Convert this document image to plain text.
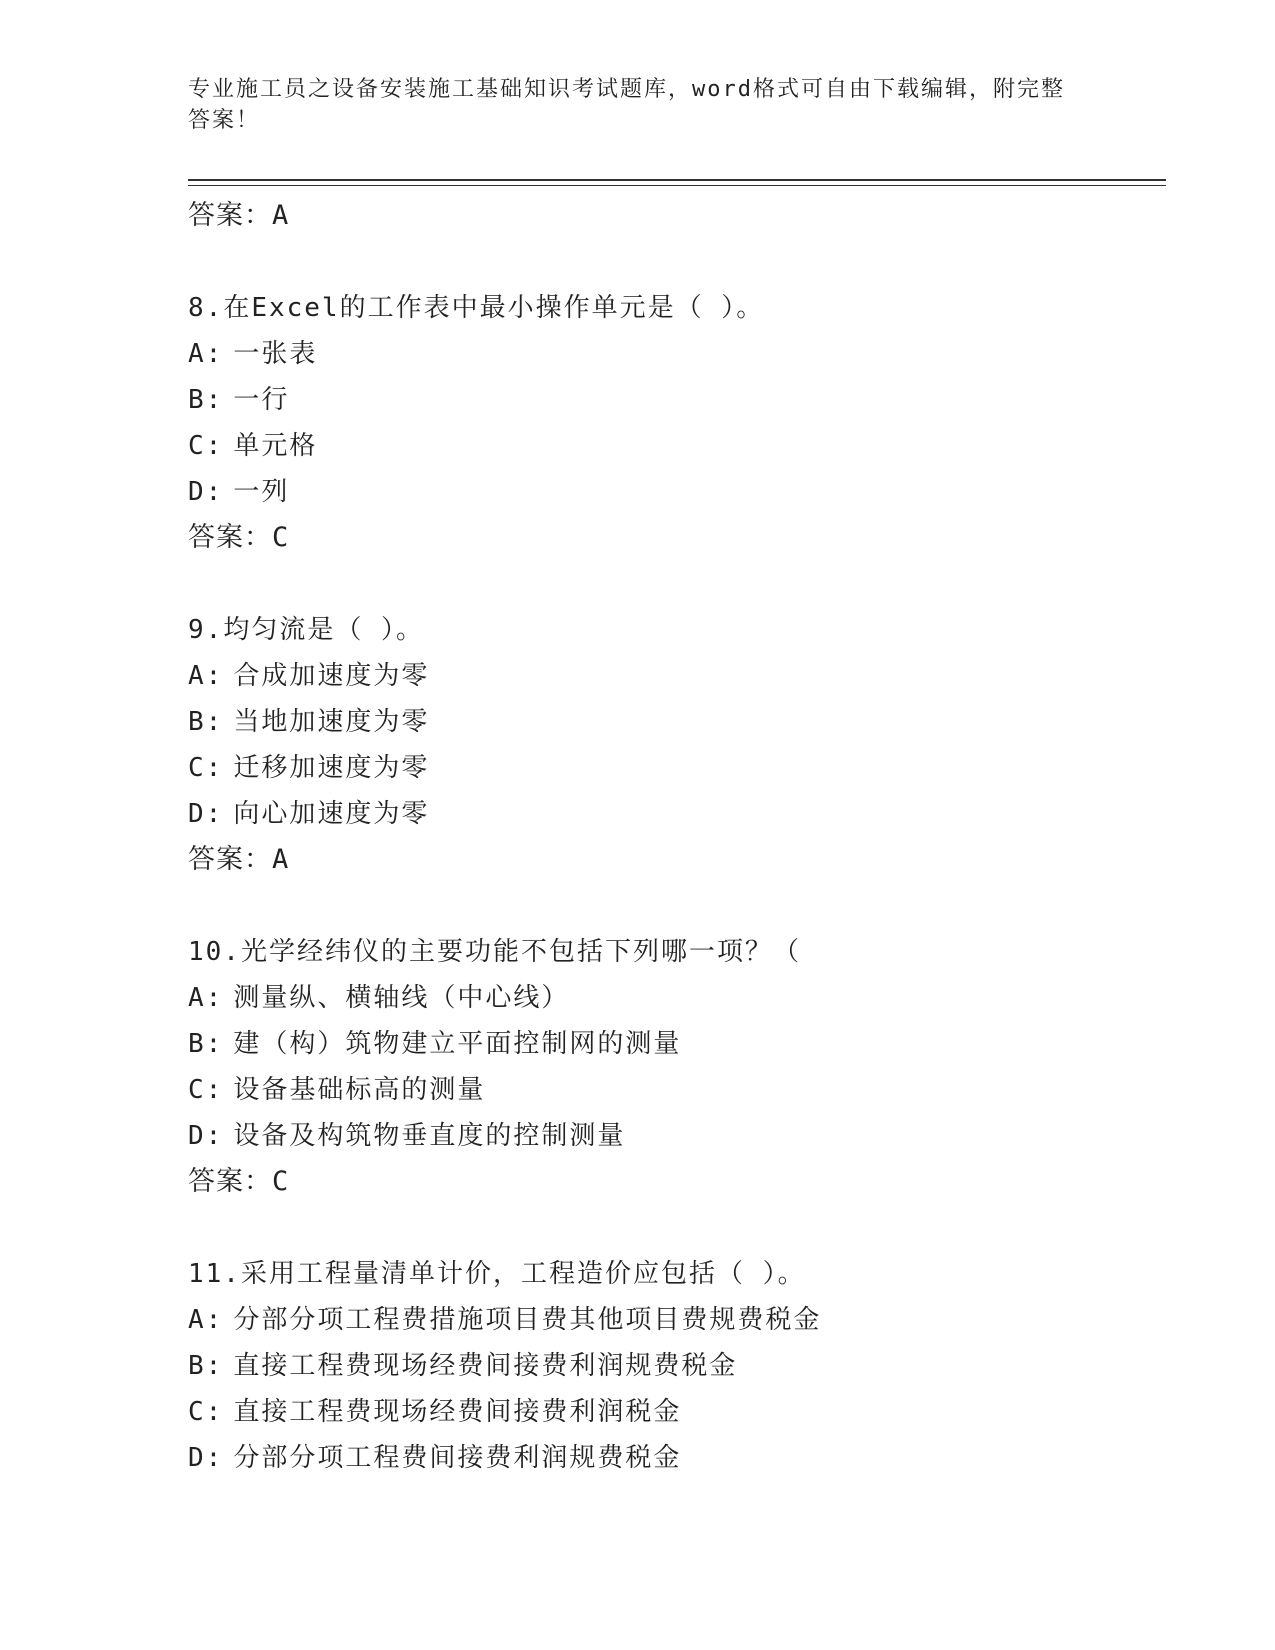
专业施工员之设备安装施工基础知识考试题库，word格式可自由下载编辑，附完整答案！
答案：A
8.在Excel的工作表中最小操作单元是（ ）。
A: 一张表
B: 一行
C: 单元格
D: 一列
答案：C
9.均匀流是（ ）。
A: 合成加速度为零
B: 当地加速度为零
C: 迁移加速度为零
D: 向心加速度为零
答案：A
10.光学经纬仪的主要功能不包括下列哪一项？（
A: 测量纵、横轴线（中心线）
B: 建（构）筑物建立平面控制网的测量
C: 设备基础标高的测量
D: 设备及构筑物垂直度的控制测量
答案：C
11.采用工程量清单计价，工程造价应包括（ ）。
A: 分部分项工程费措施项目费其他项目费规费税金
B: 直接工程费现场经费间接费利润规费税金
C: 直接工程费现场经费间接费利润税金
D: 分部分项工程费间接费利润规费税金
